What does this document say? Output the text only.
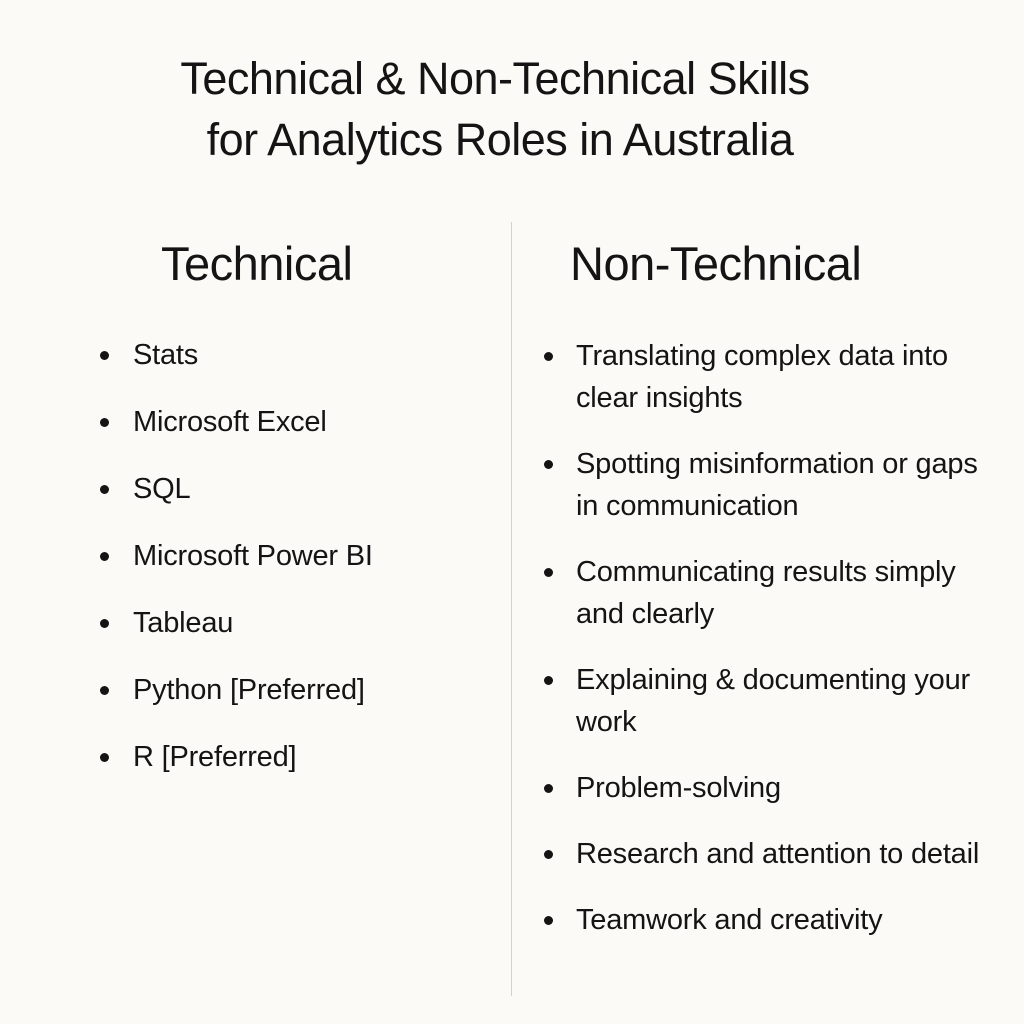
Technical & Non-Technical Skills
for Analytics Roles in Australia
Technical
Stats
Microsoft Excel
SQL
Microsoft Power BI
Tableau
Python [Preferred]
R [Preferred]
Non-Technical
Translating complex data into clear insights
Spotting misinformation or gaps in communication
Communicating results simply and clearly
Explaining & documenting your work
Problem-solving
Research and attention to detail
Teamwork and creativity
